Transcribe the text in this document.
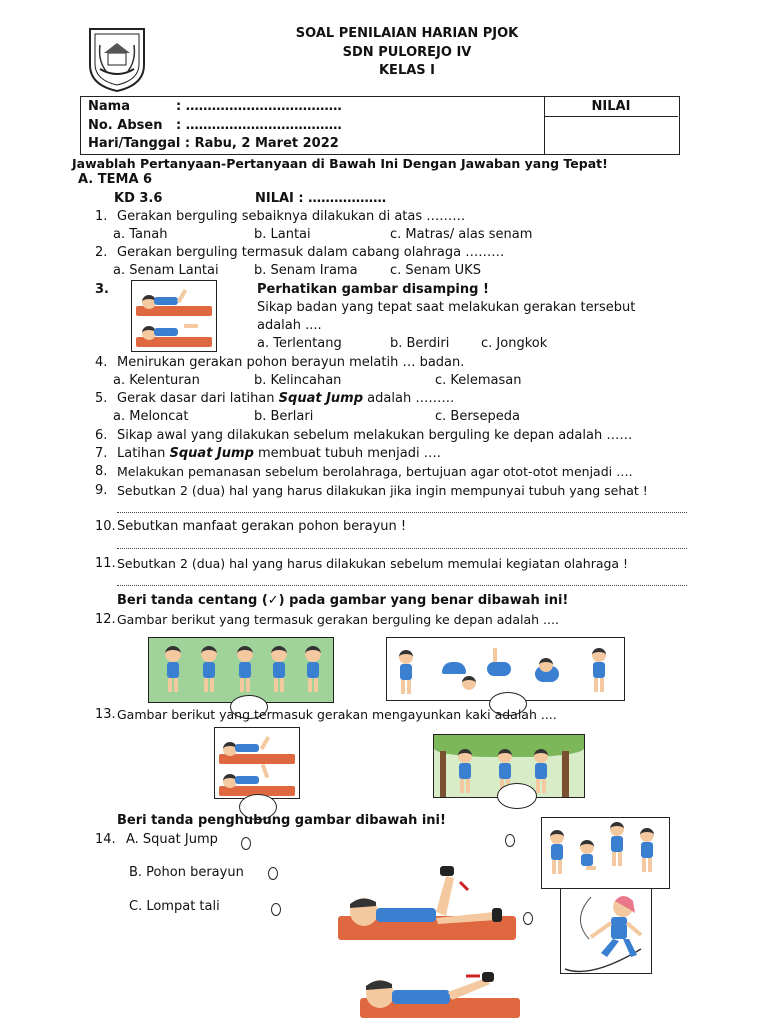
SOAL PENILAIAN HARIAN PJOK
SDN PULOREJO IV
KELAS I
Nama	: ………………………………
No. Absen : ………………………………
Hari/Tanggal : Rabu, 2 Maret 2022
NILAI
Jawablah Pertanyaan-Pertanyaan di Bawah Ini Dengan Jawaban yang Tepat!
A. TEMA 6
KD 3.6	NILAI : ………………
1. Gerakan berguling sebaiknya dilakukan di atas ………
a. Tanah	b. Lantai	c. Matras/ alas senam
2. Gerakan berguling termasuk dalam cabang olahraga ………
a. Senam Lantai	b. Senam Irama c. Senam UKS
3.	Perhatikan gambar disamping !
Sikap badan yang tepat saat melakukan gerakan tersebut
adalah ....
a. Terlentang	b. Berdiri c. Jongkok
4. Menirukan gerakan pohon berayun melatih … badan.
a. Kelenturan	b. Kelincahan	c. Kelemasan
5. Gerak dasar dari latihan Squat Jump adalah ………
a. Meloncat	b. Berlari	c. Bersepeda
6. Sikap awal yang dilakukan sebelum melakukan berguling ke depan adalah ……
7. Latihan Squat Jump membuat tubuh menjadi ….
8. Melakukan pemanasan sebelum berolahraga, bertujuan agar otot-otot menjadi ….
9. Sebutkan 2 (dua) hal yang harus dilakukan jika ingin mempunyai tubuh yang sehat !
10. Sebutkan manfaat gerakan pohon berayun !
11. Sebutkan 2 (dua) hal yang harus dilakukan sebelum memulai kegiatan olahraga !
Beri tanda centang (✓) pada gambar yang benar dibawah ini!
12. Gambar berikut yang termasuk gerakan berguling ke depan adalah ....
13. Gambar berikut yang termasuk gerakan mengayunkan kaki adalah ....
Beri tanda penghubung gambar dibawah ini!
14. A. Squat Jump
B. Pohon berayun
C. Lompat tali
